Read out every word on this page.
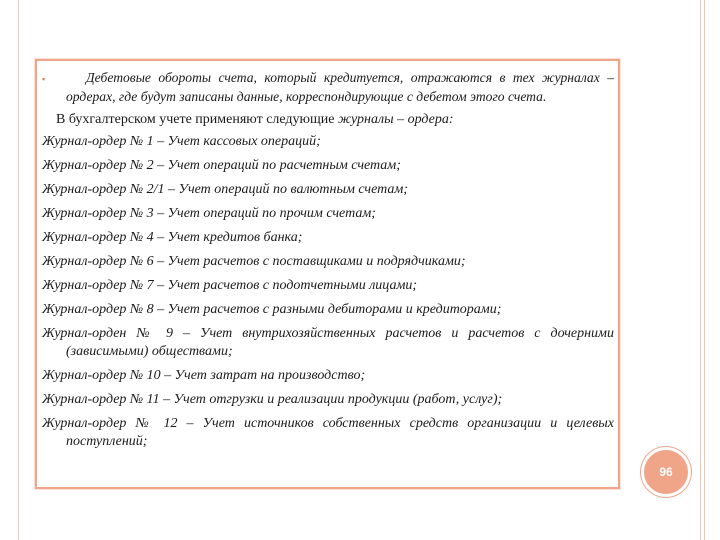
▪	Дебетовые обороты счета, который кредитуется, отражаются в тех журналах – ордерах, где будут записаны данные, корреспондирующие с дебетом этого счета.

В бухгалтерском учете применяют следующие журналы – ордера:

Журнал-ордер № 1 – Учет кассовых операций;

Журнал-ордер № 2 – Учет операций по расчетным счетам;

Журнал-ордер № 2/1 – Учет операций по валютным счетам;

Журнал-ордер № 3 – Учет операций по прочим счетам;

Журнал-ордер № 4 – Учет кредитов банка;

Журнал-ордер № 6 – Учет расчетов с поставщиками и подрядчиками;

Журнал-ордер № 7 – Учет расчетов с подотчетными лицами;

Журнал-ордер № 8 – Учет расчетов с разными дебиторами и кредиторами;

Журнал-орден № 9 – Учет внутрихозяйственных расчетов и расчетов с дочерними (зависимыми) обществами;

Журнал-ордер № 10 – Учет затрат на производство;

Журнал-ордер № 11 – Учет отгрузки и реализации продукции (работ, услуг);

Журнал-ордер № 12 – Учет источников собственных средств организации и целевых поступлений;

96
